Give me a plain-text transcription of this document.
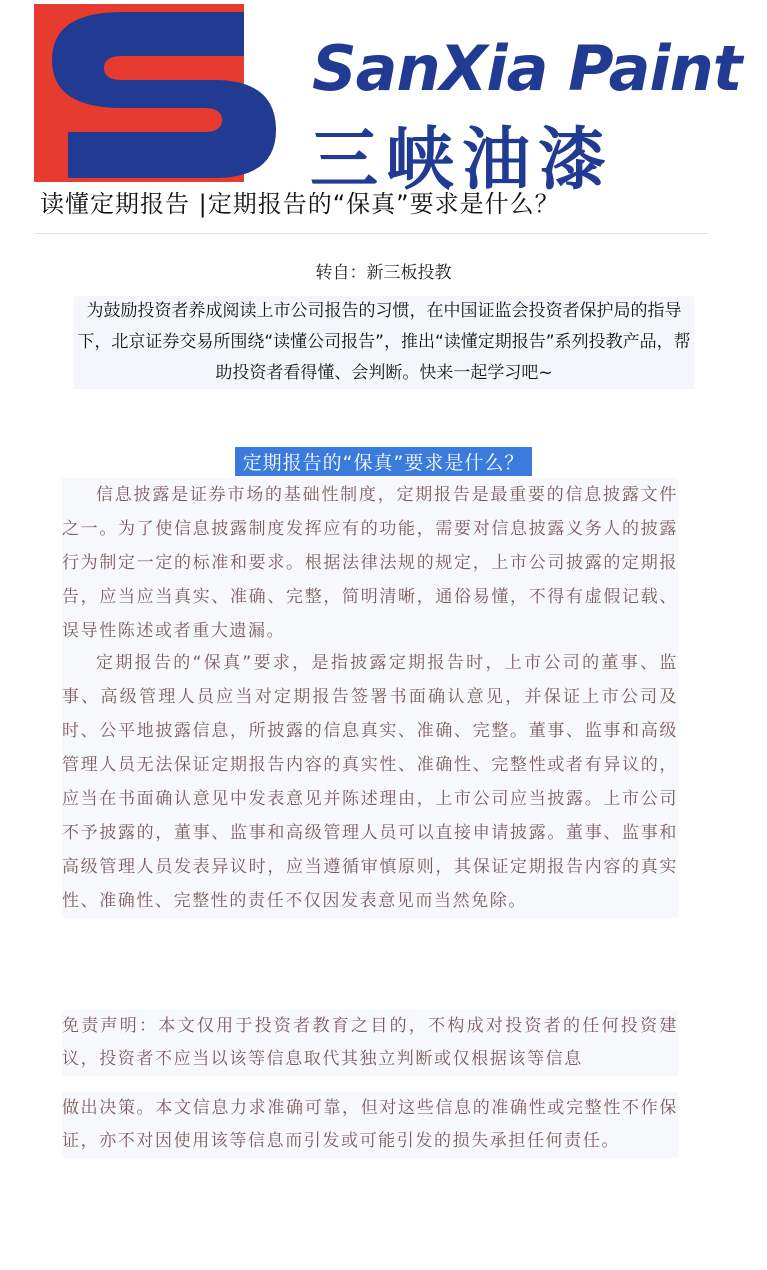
SanXia Paint
三峡油漆
读懂定期报告 |定期报告的“保真”要求是什么？
转自：新三板投教
为鼓励投资者养成阅读上市公司报告的习惯，在中国证监会投资者保护局的指导下，北京证券交易所围绕“读懂公司报告”，推出“读懂定期报告”系列投教产品，帮助投资者看得懂、会判断。快来一起学习吧~
定期报告的“保真”要求是什么？
信息披露是证券市场的基础性制度，定期报告是最重要的信息披露文件之一。为了使信息披露制度发挥应有的功能，需要对信息披露义务人的披露行为制定一定的标准和要求。根据法律法规的规定，上市公司披露的定期报告，应当应当真实、准确、完整，简明清晰，通俗易懂，不得有虚假记载、误导性陈述或者重大遗漏。
定期报告的“保真”要求，是指披露定期报告时，上市公司的董事、监事、高级管理人员应当对定期报告签署书面确认意见，并保证上市公司及时、公平地披露信息，所披露的信息真实、准确、完整。董事、监事和高级管理人员无法保证定期报告内容的真实性、准确性、完整性或者有异议的，应当在书面确认意见中发表意见并陈述理由，上市公司应当披露。上市公司不予披露的，董事、监事和高级管理人员可以直接申请披露。董事、监事和高级管理人员发表异议时，应当遵循审慎原则，其保证定期报告内容的真实性、准确性、完整性的责任不仅因发表意见而当然免除。
免责声明：本文仅用于投资者教育之目的，不构成对投资者的任何投资建议，投资者不应当以该等信息取代其独立判断或仅根据该等信息
做出决策。本文信息力求准确可靠，但对这些信息的准确性或完整性不作保证，亦不对因使用该等信息而引发或可能引发的损失承担任何责任。
